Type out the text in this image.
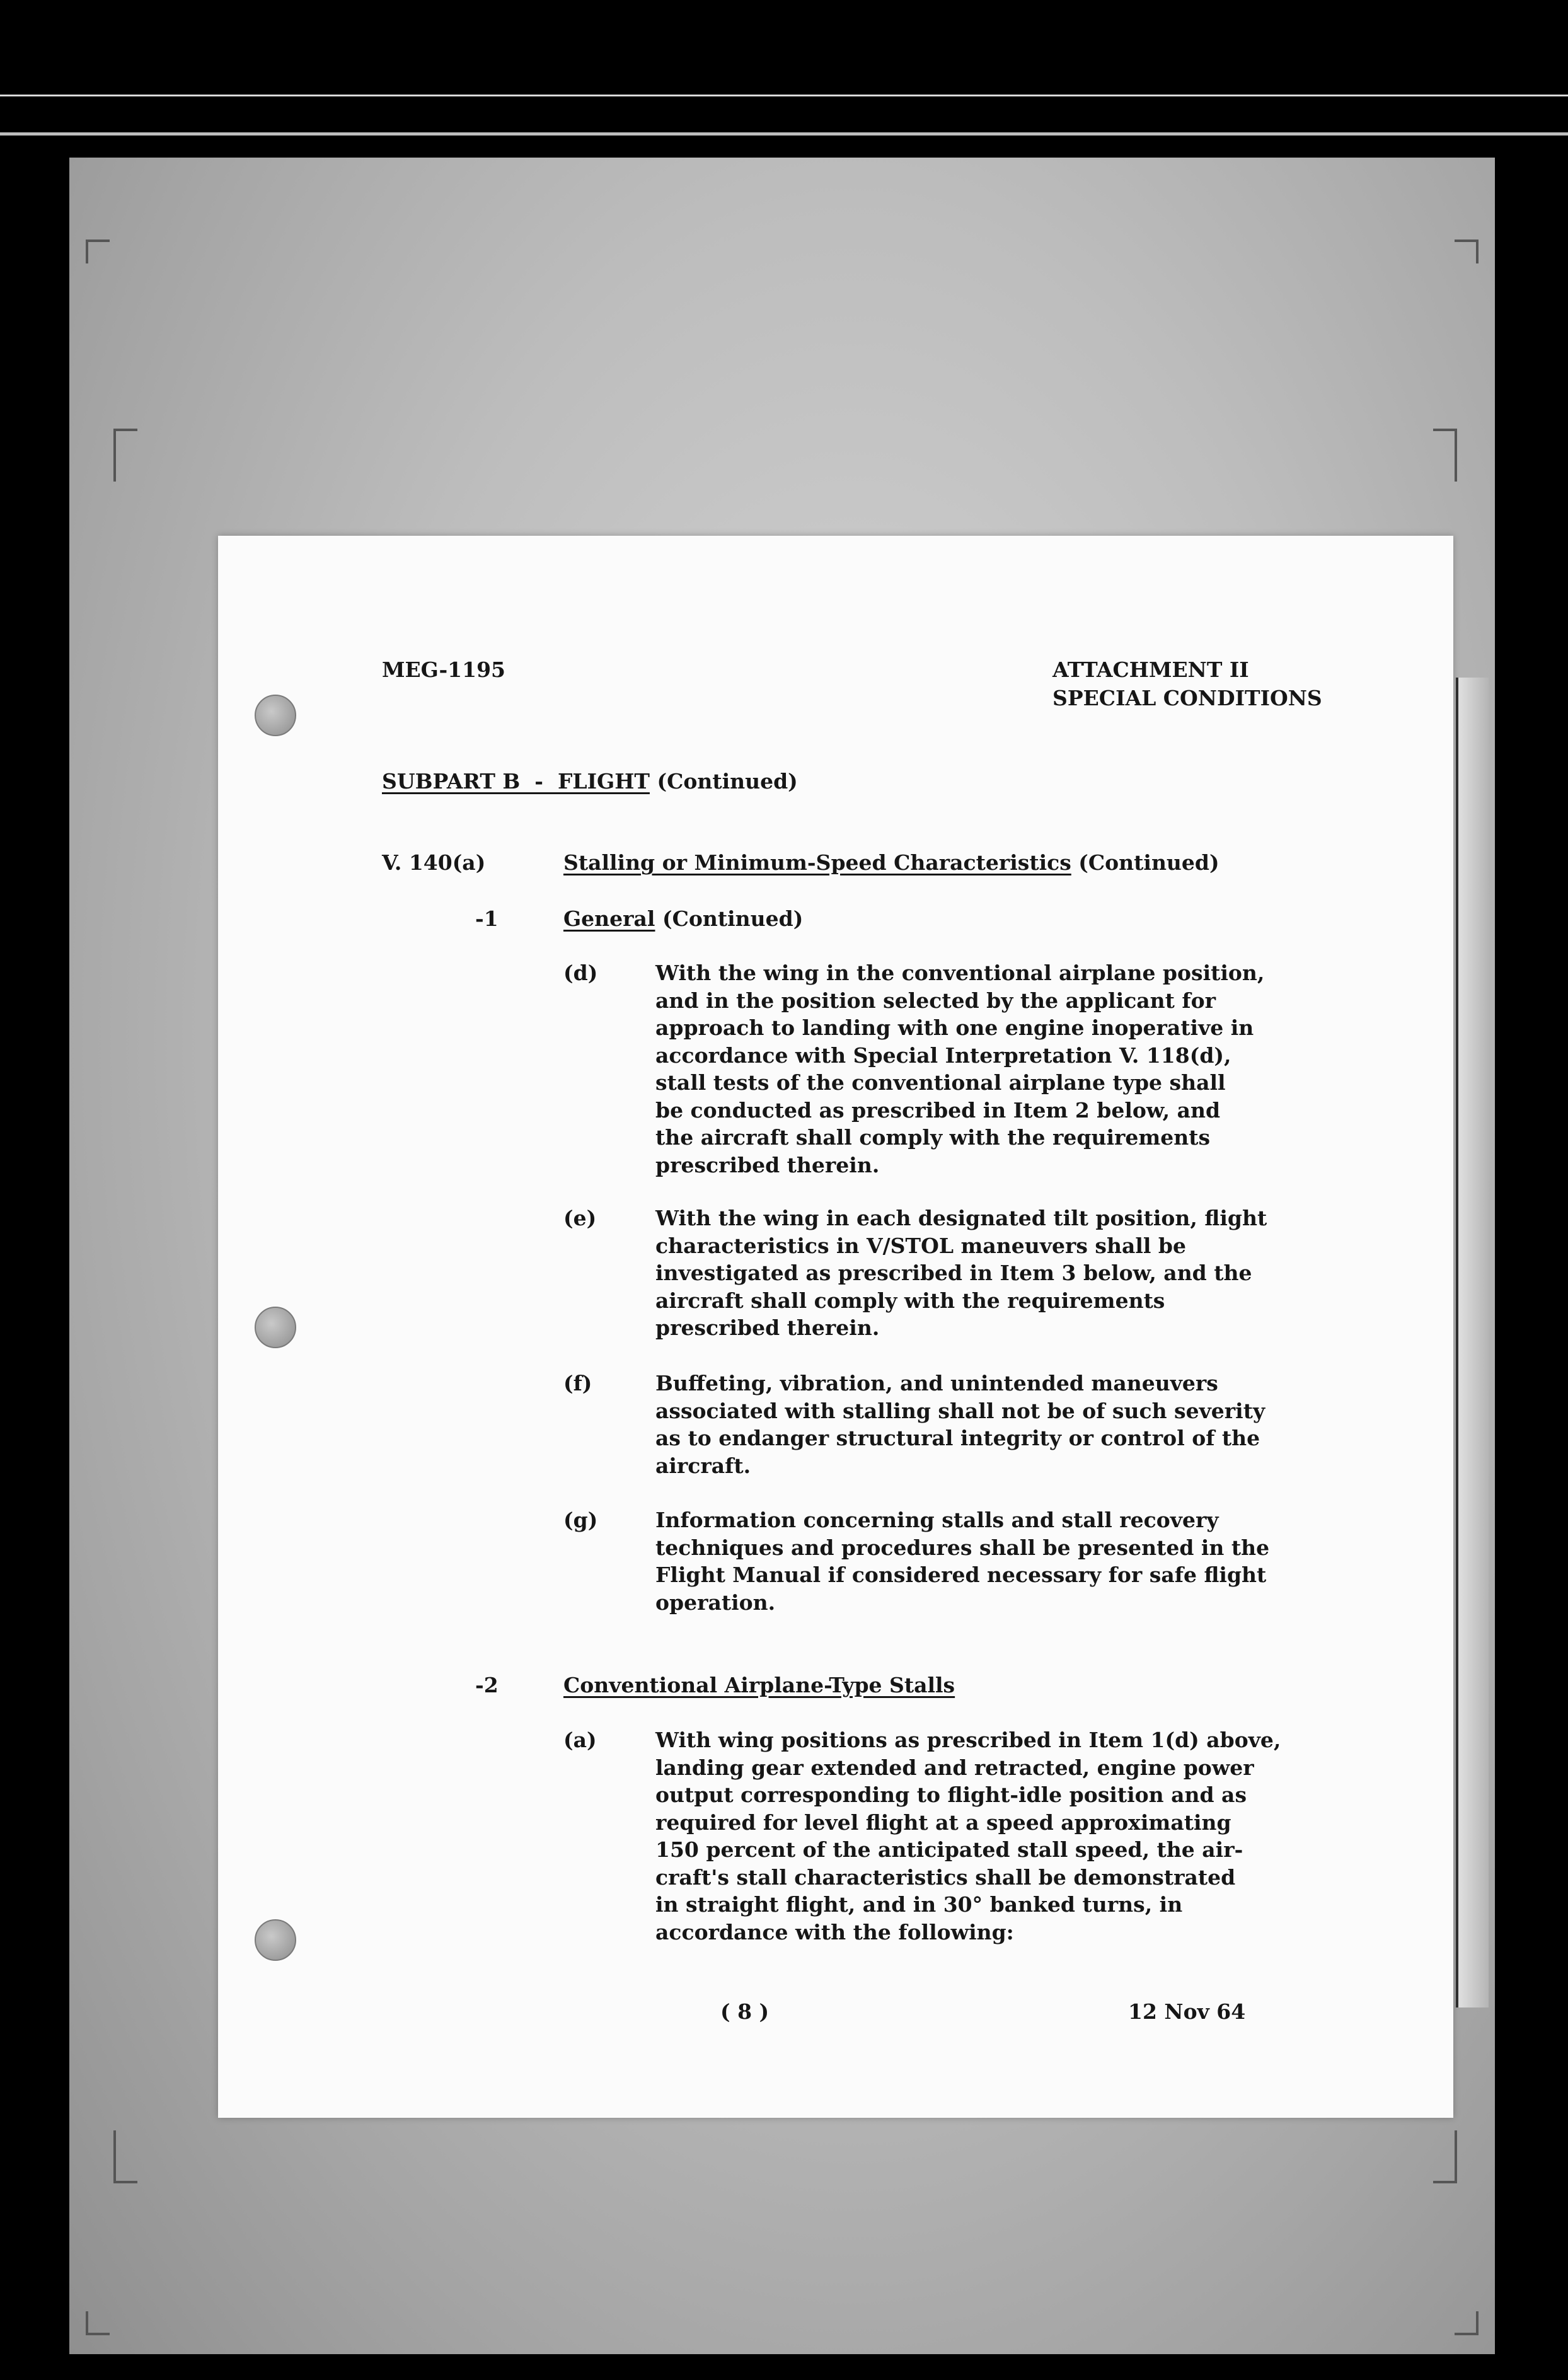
MEG-1195	ATTACHMENT II
SPECIAL CONDITIONS
SUBPART B  -  FLIGHT (Continued)
V. 140(a)	Stalling or Minimum-Speed Characteristics (Continued)
-1	General (Continued)
(d)	With the wing in the conventional airplane position,
and in the position selected by the applicant for
approach to landing with one engine inoperative in
accordance with Special Interpretation V. 118(d),
stall tests of the conventional airplane type shall
be conducted as prescribed in Item 2 below, and
the aircraft shall comply with the requirements
prescribed therein.
(e)	With the wing in each designated tilt position, flight
characteristics in V/STOL maneuvers shall be
investigated as prescribed in Item 3 below, and the
aircraft shall comply with the requirements
prescribed therein.
(f)	Buffeting, vibration, and unintended maneuvers
associated with stalling shall not be of such severity
as to endanger structural integrity or control of the
aircraft.
(g)	Information concerning stalls and stall recovery
techniques and procedures shall be presented in the
Flight Manual if considered necessary for safe flight
operation.
-2	Conventional Airplane-Type Stalls
(a)	With wing positions as prescribed in Item 1(d) above,
landing gear extended and retracted, engine power
output corresponding to flight-idle position and as
required for level flight at a speed approximating
150 percent of the anticipated stall speed, the air-
craft's stall characteristics shall be demonstrated
in straight flight, and in 30° banked turns, in
accordance with the following:
( 8 )	12 Nov 64
